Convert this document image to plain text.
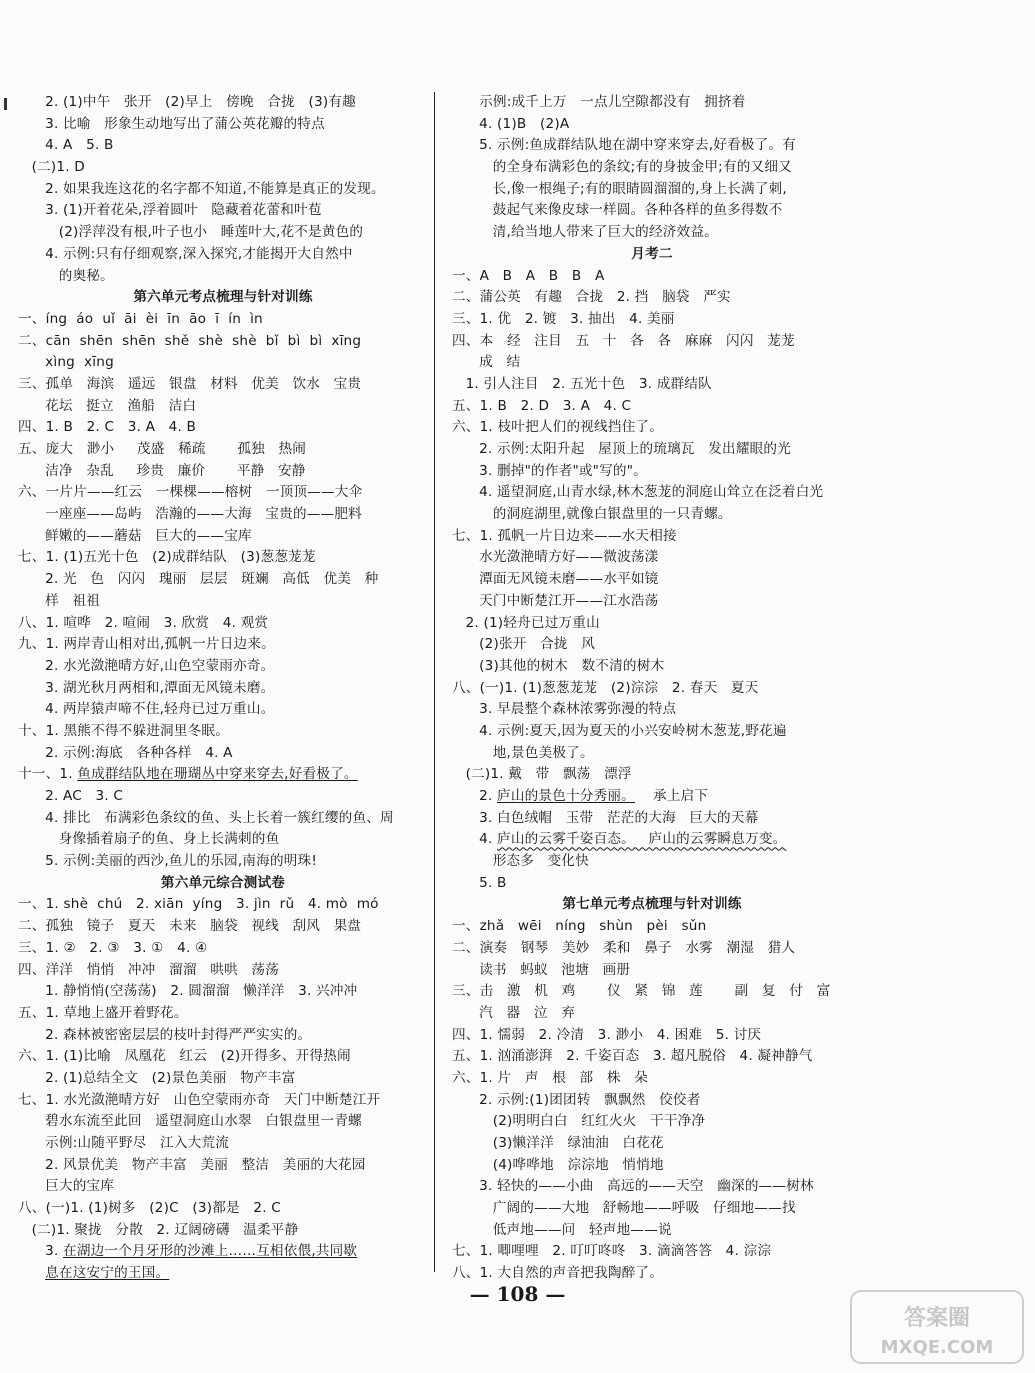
2. (1)中午   张开   (2)早上   傍晚   合拢   (3)有趣
3. 比喻   形象生动地写出了蒲公英花瓣的特点
4. A   5. B
(二)1. D
2. 如果我连这花的名字都不知道,不能算是真正的发现。
3. (1)开着花朵,浮着圆叶   隐藏着花蕾和叶苞
(2)浮萍没有根,叶子也小   睡莲叶大,花不是黄色的
4. 示例:只有仔细观察,深入探究,才能揭开大自然中
的奥秘。
第六单元考点梳理与针对训练
一、íng  áo  uǐ  āi  èi  īn  āo  ī  ín  ìn
二、cān  shēn  shēn  shě  shè  shè  bǐ  bì  bì  xīng
xìng  xīng
三、孤单   海滨   遥远   银盘   材料   优美   饮水   宝贵
花坛   挺立   渔船   洁白
四、1. B   2. C   3. A   4. B
五、庞大   渺小     茂盛   稀疏       孤独   热闹
洁净   杂乱     珍贵   廉价       平静   安静
六、一片片——红云   一棵棵——榕树   一顶顶——大伞
一座座——岛屿   浩瀚的——大海   宝贵的——肥料
鲜嫩的——蘑菇   巨大的——宝库
七、1. (1)五光十色   (2)成群结队   (3)葱葱茏茏
2. 光   色   闪闪   瑰丽   层层   斑斓   高低   优美   种
样   祖祖
八、1. 喧哗   2. 喧闹   3. 欣赏   4. 观赏
九、1. 两岸青山相对出,孤帆一片日边来。
2. 水光潋滟晴方好,山色空蒙雨亦奇。
3. 湖光秋月两相和,潭面无风镜未磨。
4. 两岸猿声啼不住,轻舟已过万重山。
十、1. 黑熊不得不躲进洞里冬眠。
2. 示例:海底   各种各样   4. A
十一、1. 鱼成群结队地在珊瑚丛中穿来穿去,好看极了。
2. AC   3. C
4. 排比   布满彩色条纹的鱼、头上长着一簇红缨的鱼、周
身像插着扇子的鱼、身上长满刺的鱼
5. 示例:美丽的西沙,鱼儿的乐园,南海的明珠!
第六单元综合测试卷
一、1. shè  chú   2. xiān  yíng   3. jìn  rǔ   4. mò  mó
二、孤独   镜子   夏天   未来   脑袋   视线   刮风   果盘
三、1. ②   2. ③   3. ①   4. ④
四、洋洋   悄悄   冲冲   溜溜   哄哄   荡荡
1. 静悄悄(空荡荡)   2. 圆溜溜   懒洋洋   3. 兴冲冲
五、1. 草地上盛开着野花。
2. 森林被密密层层的枝叶封得严严实实的。
六、1. (1)比喻   凤凰花   红云   (2)开得多、开得热闹
2. (1)总结全文   (2)景色美丽   物产丰富
七、1. 水光潋滟晴方好   山色空蒙雨亦奇   天门中断楚江开
碧水东流至此回   遥望洞庭山水翠   白银盘里一青螺
示例:山随平野尽   江入大荒流
2. 风景优美   物产丰富   美丽   整洁   美丽的大花园
巨大的宝库
八、(一)1. (1)树多   (2)C   (3)都是   2. C
(二)1. 聚拢   分散   2. 辽阔磅礴   温柔平静
3. 在湖边一个月牙形的沙滩上……互相依偎,共同歇
息在这安宁的王国。
示例:成千上万   一点儿空隙都没有   拥挤着
4. (1)B   (2)A
5. 示例:鱼成群结队地在湖中穿来穿去,好看极了。有
的全身布满彩色的条纹;有的身披金甲;有的又细又
长,像一根绳子;有的眼睛圆溜溜的,身上长满了刺,
鼓起气来像皮球一样圆。各种各样的鱼多得数不
清,给当地人带来了巨大的经济效益。
月考二
一、A   B   A   B   B   A
二、蒲公英   有趣   合拢   2. 挡   脑袋   严实
三、1. 优   2. 镀   3. 抽出   4. 美丽
四、本   经   注目   五   十   各   各   麻麻   闪闪   茏茏
成   结
1. 引人注目   2. 五光十色   3. 成群结队
五、1. B   2. D   3. A   4. C
六、1. 枝叶把人们的视线挡住了。
2. 示例:太阳升起   屋顶上的琉璃瓦   发出耀眼的光
3. 删掉"的作者"或"写的"。
4. 遥望洞庭,山青水绿,林木葱茏的洞庭山耸立在泛着白光
的洞庭湖里,就像白银盘里的一只青螺。
七、1. 孤帆一片日边来——水天相接
水光潋滟晴方好——微波荡漾
潭面无风镜未磨——水平如镜
天门中断楚江开——江水浩荡
2. (1)轻舟已过万重山
(2)张开   合拢   风
(3)其他的树木   数不清的树木
八、(一)1. (1)葱葱茏茏   (2)淙淙   2. 春天   夏天
3. 早晨整个森林浓雾弥漫的特点
4. 示例:夏天,因为夏天的小兴安岭树木葱茏,野花遍
地,景色美极了。
(二)1. 戴   带   飘荡   漂浮
2. 庐山的景色十分秀丽。    承上启下
3. 白色绒帽   玉带   茫茫的大海   巨大的天幕
4. 庐山的云雾千姿百态。   庐山的云雾瞬息万变。
形态多   变化快
5. B
第七单元考点梳理与针对训练
一、zhǎ   wēi   níng   shùn   pèi   sǔn
二、演奏   钢琴   美妙   柔和   鼻子   水雾   潮湿   猎人
读书   蚂蚁   池塘   画册
三、击   激   机   鸡       仪   紧   锦   莲       副   复   付   富
汽   器   泣   弃
四、1. 懦弱   2. 冷清   3. 渺小   4. 困难   5. 讨厌
五、1. 汹涌澎湃   2. 千姿百态   3. 超凡脱俗   4. 凝神静气
六、1. 片   声   根   部   株   朵
2. 示例:(1)团团转   飘飘然   佼佼者
(2)明明白白   红红火火   干干净净
(3)懒洋洋   绿油油   白花花
(4)哗哗地   淙淙地   悄悄地
3. 轻快的——小曲   高远的——天空   幽深的——树林
广阔的——大地   舒畅地——呼吸   仔细地——找
低声地——问   轻声地——说
七、1. 唧哩哩   2. 叮叮咚咚   3. 滴滴答答   4. 淙淙
八、1. 大自然的声音把我陶醉了。
— 108 —
答案圈
MXQE.COM
